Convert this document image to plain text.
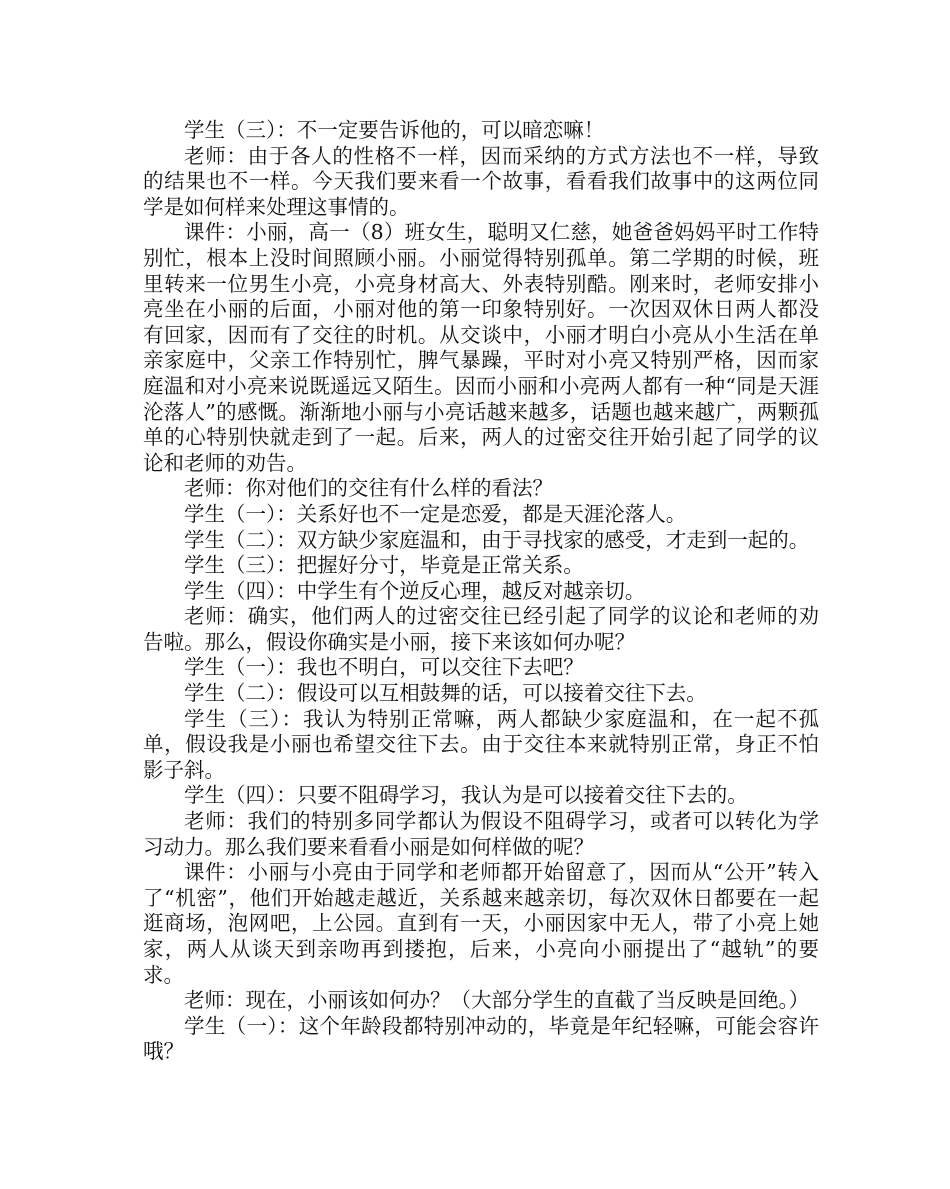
学生（三）：不一定要告诉他的，可以暗恋嘛！

老师：由于各人的性格不一样，因而采纳的方式方法也不一样，导致的结果也不一样。今天我们要来看一个故事，看看我们故事中的这两位同学是如何样来处理这事情的。

课件：小丽，高一（8）班女生，聪明又仁慈，她爸爸妈妈平时工作特别忙，根本上没时间照顾小丽。小丽觉得特别孤单。第二学期的时候，班里转来一位男生小亮，小亮身材高大、外表特别酷。刚来时，老师安排小亮坐在小丽的后面，小丽对他的第一印象特别好。一次因双休日两人都没有回家，因而有了交往的时机。从交谈中，小丽才明白小亮从小生活在单亲家庭中，父亲工作特别忙，脾气暴躁，平时对小亮又特别严格，因而家庭温和对小亮来说既遥远又陌生。因而小丽和小亮两人都有一种“同是天涯沦落人”的感慨。渐渐地小丽与小亮话越来越多，话题也越来越广，两颗孤单的心特别快就走到了一起。后来，两人的过密交往开始引起了同学的议论和老师的劝告。

老师：你对他们的交往有什么样的看法？

学生（一）：关系好也不一定是恋爱，都是天涯沦落人。

学生（二）：双方缺少家庭温和，由于寻找家的感受，才走到一起的。

学生（三）：把握好分寸，毕竟是正常关系。

学生（四）：中学生有个逆反心理，越反对越亲切。

老师：确实，他们两人的过密交往已经引起了同学的议论和老师的劝告啦。那么，假设你确实是小丽，接下来该如何办呢？

学生（一）：我也不明白，可以交往下去吧？

学生（二）：假设可以互相鼓舞的话，可以接着交往下去。

学生（三）：我认为特别正常嘛，两人都缺少家庭温和，在一起不孤单，假设我是小丽也希望交往下去。由于交往本来就特别正常，身正不怕影子斜。

学生（四）：只要不阻碍学习，我认为是可以接着交往下去的。

老师：我们的特别多同学都认为假设不阻碍学习，或者可以转化为学习动力。那么我们要来看看小丽是如何样做的呢？

课件：小丽与小亮由于同学和老师都开始留意了，因而从“公开”转入了“机密”，他们开始越走越近，关系越来越亲切，每次双休日都要在一起逛商场，泡网吧，上公园。直到有一天，小丽因家中无人，带了小亮上她家，两人从谈天到亲吻再到搂抱，后来，小亮向小丽提出了“越轨”的要求。

老师：现在，小丽该如何办？（大部分学生的直截了当反映是回绝。）

学生（一）：这个年龄段都特别冲动的，毕竟是年纪轻嘛，可能会容许哦？
